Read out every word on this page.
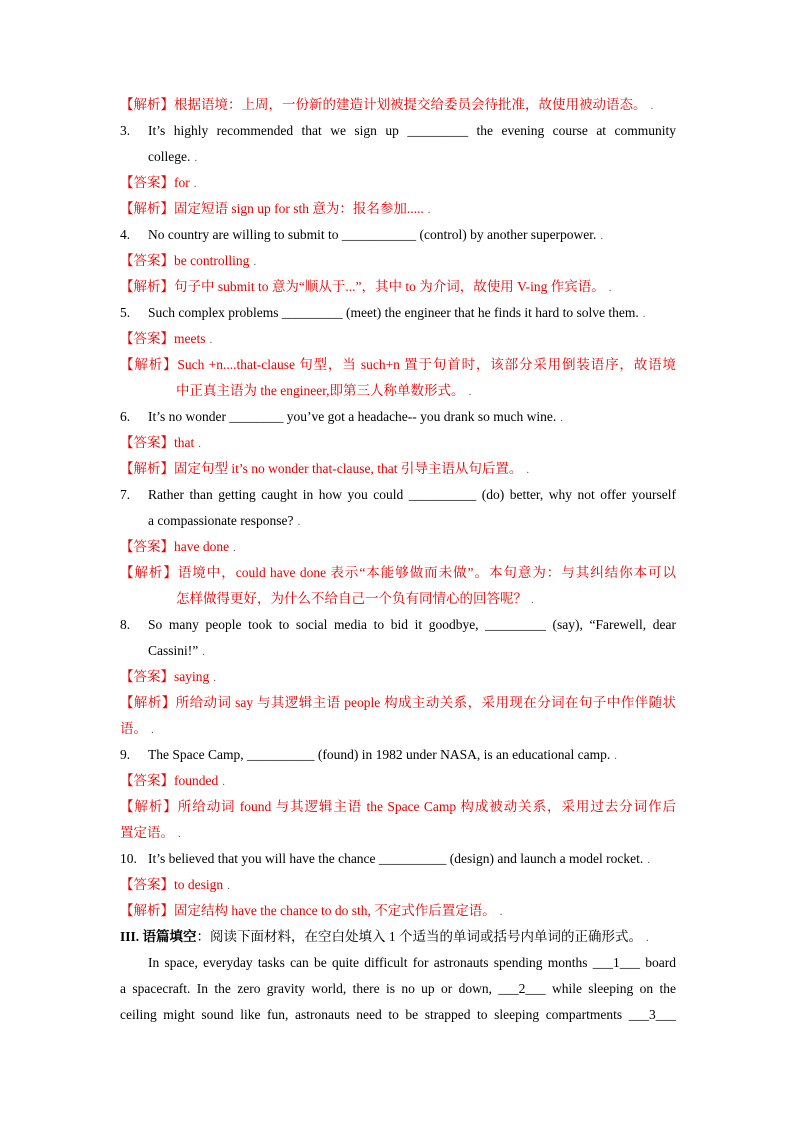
【解析】根据语境：上周，一份新的建造计划被提交给委员会待批准，故使用被动语态。 .
3. It’s highly recommended that we sign up _________ the evening course at community
college. .
【答案】for .
【解析】固定短语 sign up for sth 意为：报名参加..... .
4. No country are willing to submit to ___________ (control) by another superpower. .
【答案】be controlling .
【解析】句子中 submit to 意为“顺从于...”，其中 to 为介词，故使用 V-ing 作宾语。 .
5. Such complex problems _________ (meet) the engineer that he finds it hard to solve them. .
【答案】meets .
【解析】Such +n....that-clause 句型，当 such+n 置于句首时，该部分采用倒装语序，故语境
中正真主语为 the engineer,即第三人称单数形式。 .
6. It’s no wonder ________ you’ve got a headache-- you drank so much wine. .
【答案】that .
【解析】固定句型 it’s no wonder that-clause, that 引导主语从句后置。 .
7. Rather than getting caught in how you could __________ (do) better, why not offer yourself
a compassionate response? .
【答案】have done .
【解析】语境中，could have done 表示“本能够做而未做”。本句意为：与其纠结你本可以
怎样做得更好，为什么不给自己一个负有同情心的回答呢？ .
8. So many people took to social media to bid it goodbye, _________ (say), “Farewell, dear
Cassini!” .
【答案】saying .
【解析】所给动词 say 与其逻辑主语 people 构成主动关系，采用现在分词在句子中作伴随状
语。 .
9. The Space Camp, __________ (found) in 1982 under NASA, is an educational camp. .
【答案】founded .
【解析】所给动词 found 与其逻辑主语 the Space Camp 构成被动关系，采用过去分词作后
置定语。 .
10. It’s believed that you will have the chance __________ (design) and launch a model rocket. .
【答案】to design .
【解析】固定结构 have the chance to do sth, 不定式作后置定语。 .
III. 语篇填空：阅读下面材料，在空白处填入 1 个适当的单词或括号内单词的正确形式。 .
In space, everyday tasks can be quite difficult for astronauts spending months ___1___ board
a spacecraft. In the zero gravity world, there is no up or down, ___2___ while sleeping on the
ceiling might sound like fun, astronauts need to be strapped to sleeping compartments ___3___
